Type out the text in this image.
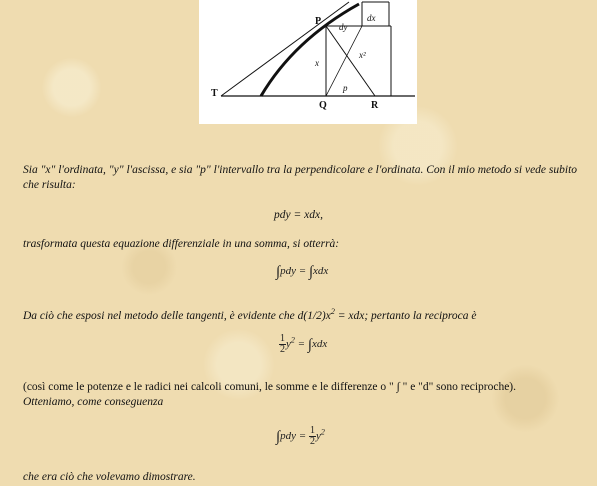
T
P
Q	R
dy
dx
x
p
x²

Sia "x" l'ordinata, "y" l'ascissa, e sia "p" l'intervallo tra la perpendicolare e l'ordinata. Con il mio metodo si vede subito che risulta:

pdy = xdx,

trasformata questa equazione differenziale in una somma, si otterrà:

∫pdy = ∫xdx

Da ciò che esposi nel metodo delle tangenti, è evidente che $d(1/2)x^2$ = xdx; pertanto la reciproca è

$\frac{1}{2} y^2 = \int xdx$

(così come le potenze e le radici nei calcoli comuni, le somme e le differenze o " ∫ " e "d" sono reciproche).
Otteniamo, come conseguenza

$\int pdy = \frac{1}{2} y^2$

che era ciò che volevamo dimostrare.
